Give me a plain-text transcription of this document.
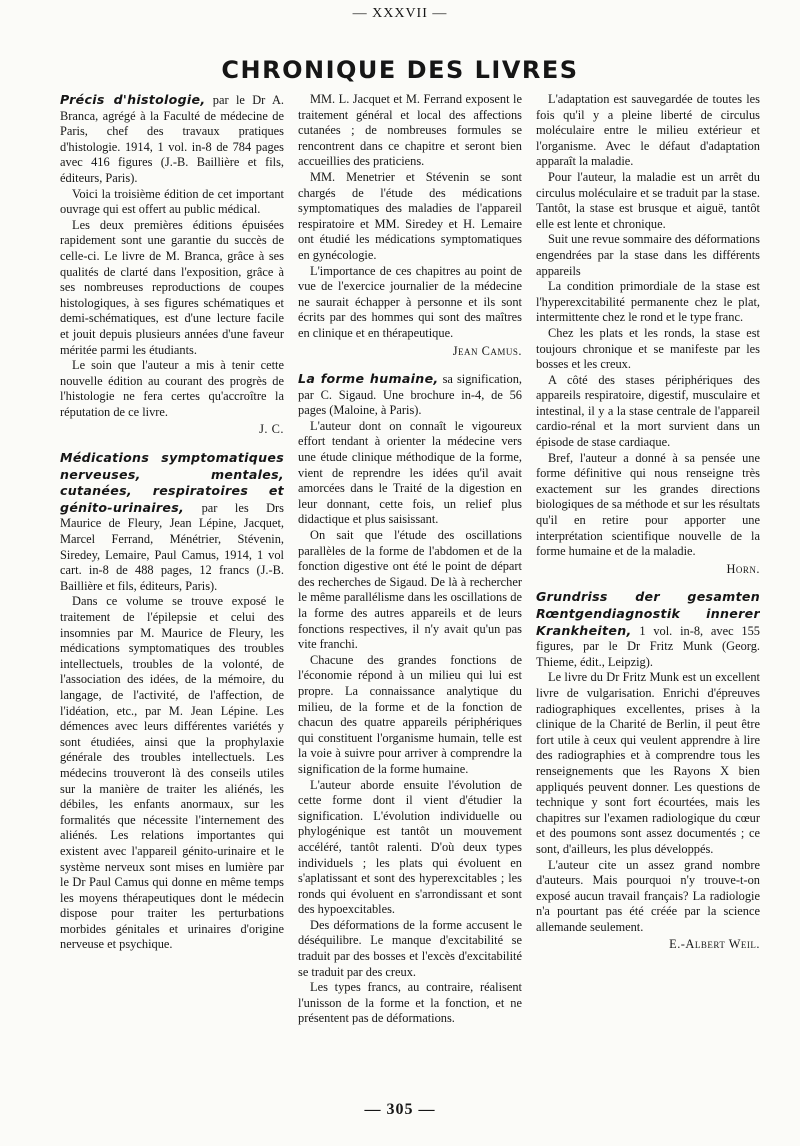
— XXXVII —
CHRONIQUE DES LIVRES

Précis d'histologie, par le Dr A. Branca, agrégé à la Faculté de médecine de Paris, chef des travaux pratiques d'histologie. 1914, 1 vol. in-8 de 784 pages avec 416 figures (J.-B. Baillière et fils, éditeurs, Paris).

Voici la troisième édition de cet important ouvrage qui est offert au public médical.

Les deux premières éditions épuisées rapidement sont une garantie du succès de celle-ci. Le livre de M. Branca, grâce à ses qualités de clarté dans l'exposition, grâce à ses nombreuses reproductions de coupes histologiques, à ses figures schématiques et demi-schématiques, est d'une lecture facile et jouit depuis plusieurs années d'une faveur méritée parmi les étudiants.

Le soin que l'auteur a mis à tenir cette nouvelle édition au courant des progrès de l'histologie ne fera certes qu'accroître la réputation de ce livre.

J. C.

Médications symptomatiques nerveuses, mentales, cutanées, respiratoires et génito-urinaires, par les Drs Maurice de Fleury, Jean Lépine, Jacquet, Marcel Ferrand, Ménétrier, Stévenin, Siredey, Lemaire, Paul Camus, 1914, 1 vol cart. in-8 de 488 pages, 12 francs (J.-B. Baillière et fils, éditeurs, Paris).

Dans ce volume se trouve exposé le traitement de l'épilepsie et celui des insomnies par M. Maurice de Fleury, les médications symptomatiques des troubles intellectuels, troubles de la volonté, de l'association des idées, de la mémoire, du langage, de l'activité, de l'affection, de l'idéation, etc., par M. Jean Lépine. Les démences avec leurs différentes variétés y sont étudiées, ainsi que la prophylaxie générale des troubles intellectuels. Les médecins trouveront là des conseils utiles sur la manière de traiter les aliénés, les débiles, les enfants anormaux, sur les formalités que nécessite l'internement des aliénés. Les relations importantes qui existent avec l'appareil génito-urinaire et le système nerveux sont mises en lumière par le Dr Paul Camus qui donne en même temps les moyens thérapeutiques dont le médecin dispose pour traiter les perturbations morbides génitales et urinaires d'origine nerveuse et psychique.

MM. L. Jacquet et M. Ferrand exposent le traitement général et local des affections cutanées ; de nombreuses formules se rencontrent dans ce chapitre et seront bien accueillies des praticiens.

MM. Menetrier et Stévenin se sont chargés de l'étude des médications symptomatiques des maladies de l'appareil respiratoire et MM. Siredey et H. Lemaire ont étudié les médications symptomatiques en gynécologie.

L'importance de ces chapitres au point de vue de l'exercice journalier de la médecine ne saurait échapper à personne et ils sont écrits par des hommes qui sont des maîtres en clinique et en thérapeutique.

Jean Camus.

La forme humaine, sa signification, par C. Sigaud. Une brochure in-4, de 56 pages (Maloine, à Paris).

L'auteur dont on connaît le vigoureux effort tendant à orienter la médecine vers une étude clinique méthodique de la forme, vient de reprendre les idées qu'il avait amorcées dans le Traité de la digestion en leur donnant, cette fois, un relief plus didactique et plus saisissant.

On sait que l'étude des oscillations parallèles de la forme de l'abdomen et de la fonction digestive ont été le point de départ des recherches de Sigaud. De là à rechercher le même parallélisme dans les oscillations de la forme des autres appareils et de leurs fonctions respectives, il n'y avait qu'un pas vite franchi.

Chacune des grandes fonctions de l'économie répond à un milieu qui lui est propre. La connaissance analytique du milieu, de la forme et de la fonction de chacun des quatre appareils périphériques qui constituent l'organisme humain, telle est la voie à suivre pour arriver à comprendre la signification de la forme humaine.

L'auteur aborde ensuite l'évolution de cette forme dont il vient d'étudier la signification. L'évolution individuelle ou phylogénique est tantôt un mouvement accéléré, tantôt ralenti. D'où deux types individuels ; les plats qui évoluent en s'aplatissant et sont des hyperexcitables ; les ronds qui évoluent en s'arrondissant et sont des hypoexcitables.

Des déformations de la forme accusent le déséquilibre. Le manque d'excitabilité se traduit par des bosses et l'excès d'excitabilité se traduit par des creux.

Les types francs, au contraire, réalisent l'unisson de la forme et la fonction, et ne présentent pas de déformations.

L'adaptation est sauvegardée de toutes les fois qu'il y a pleine liberté de circulus moléculaire entre le milieu extérieur et l'organisme. Avec le défaut d'adaptation apparaît la maladie.

Pour l'auteur, la maladie est un arrêt du circulus moléculaire et se traduit par la stase. Tantôt, la stase est brusque et aiguë, tantôt elle est lente et chronique.

Suit une revue sommaire des déformations engendrées par la stase dans les différents appareils

La condition primordiale de la stase est l'hyperexcitabilité permanente chez le plat, intermittente chez le rond et le type franc.

Chez les plats et les ronds, la stase est toujours chronique et se manifeste par les bosses et les creux.

A côté des stases périphériques des appareils respiratoire, digestif, musculaire et intestinal, il y a la stase centrale de l'appareil cardio-rénal et la mort survient dans un épisode de stase cardiaque.

Bref, l'auteur a donné à sa pensée une forme définitive qui nous renseigne très exactement sur les grandes directions biologiques de sa méthode et sur les résultats qu'il en retire pour apporter une interprétation scientifique nouvelle de la forme humaine et de la maladie.

Horn.

Grundriss der gesamten Rœntgendiagnostik innerer Krankheiten, 1 vol. in-8, avec 155 figures, par le Dr Fritz Munk (Georg. Thieme, édit., Leipzig).

Le livre du Dr Fritz Munk est un excellent livre de vulgarisation. Enrichi d'épreuves radiographiques excellentes, prises à la clinique de la Charité de Berlin, il peut être fort utile à ceux qui veulent apprendre à lire des radiographies et à comprendre tous les renseignements que les Rayons X bien appliqués peuvent donner. Les questions de technique y sont fort écourtées, mais les chapitres sur l'examen radiologique du cœur et des poumons sont assez documentés ; ce sont, d'ailleurs, les plus développés.

L'auteur cite un assez grand nombre d'auteurs. Mais pourquoi n'y trouve-t-on exposé aucun travail français? La radiologie n'a pourtant pas été créée par la science allemande seulement.

E.-Albert Weil.
— 305 —
